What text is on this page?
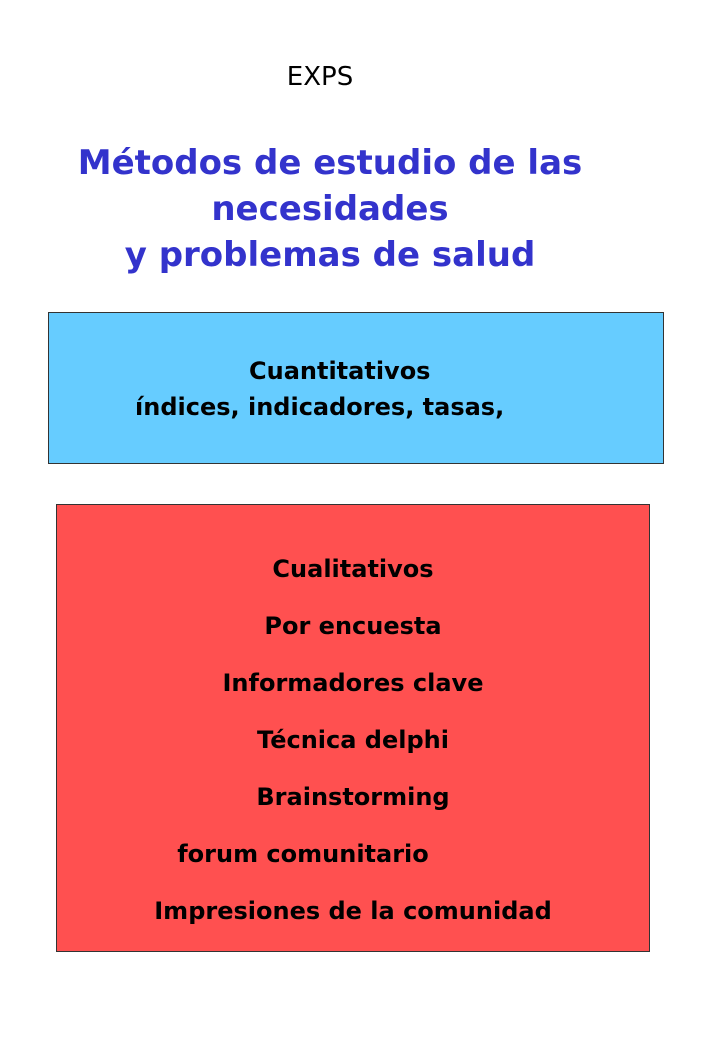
EXPS
Métodos de estudio de las
necesidades
y problemas de salud
Cuantitativos
índices, indicadores, tasas,
Cualitativos
Por encuesta
Informadores clave
Técnica delphi
Brainstorming
forum comunitario
Impresiones de la comunidad
